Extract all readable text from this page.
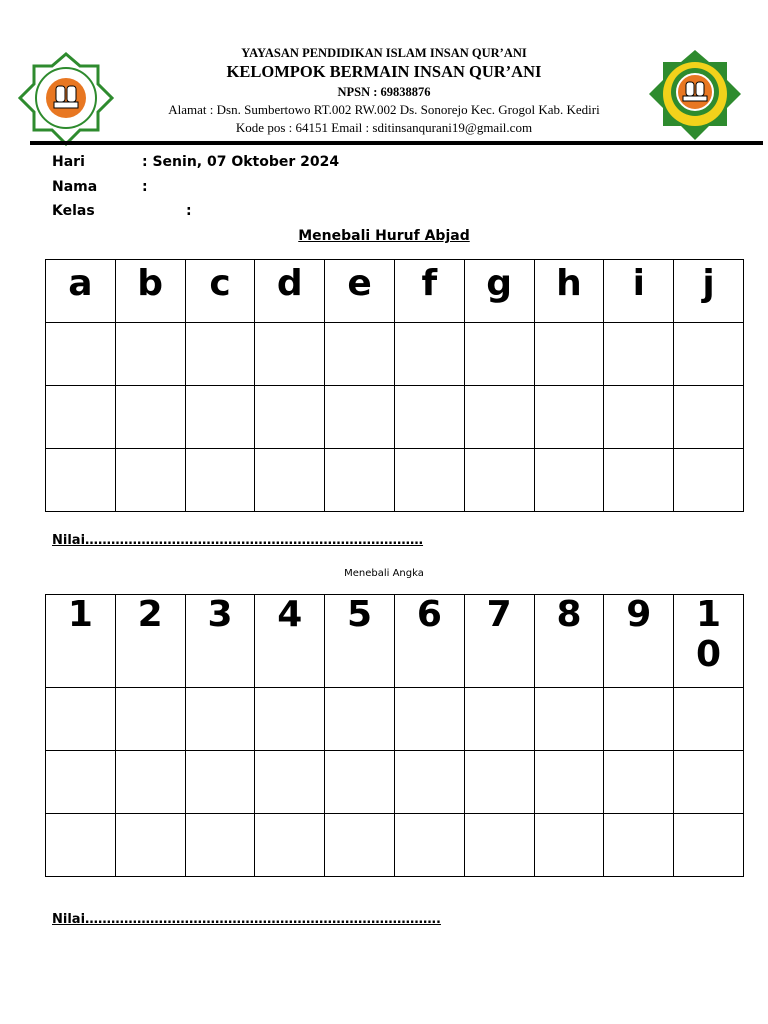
YAYASAN PENDIDIKAN ISLAM INSAN QUR’ANI
KELOMPOK BERMAIN INSAN QUR’ANI
NPSN : 69838876
Alamat : Dsn. Sumbertowo RT.002 RW.002 Ds. Sonorejo Kec. Grogol Kab. Kediri
Kode pos : 64151 Email : sditinsanqurani19@gmail.com
Hari	: Senin, 07 Oktober 2024
Nama	:
Kelas	:
Menebali Huruf Abjad
a	b	c	d	e	f	g	h	i	j

Nilai……………………………………………………………………
Menebali Angka
1	2	3	4	5	6	7	8	9	10

Nilai……………………………………………………………………….
